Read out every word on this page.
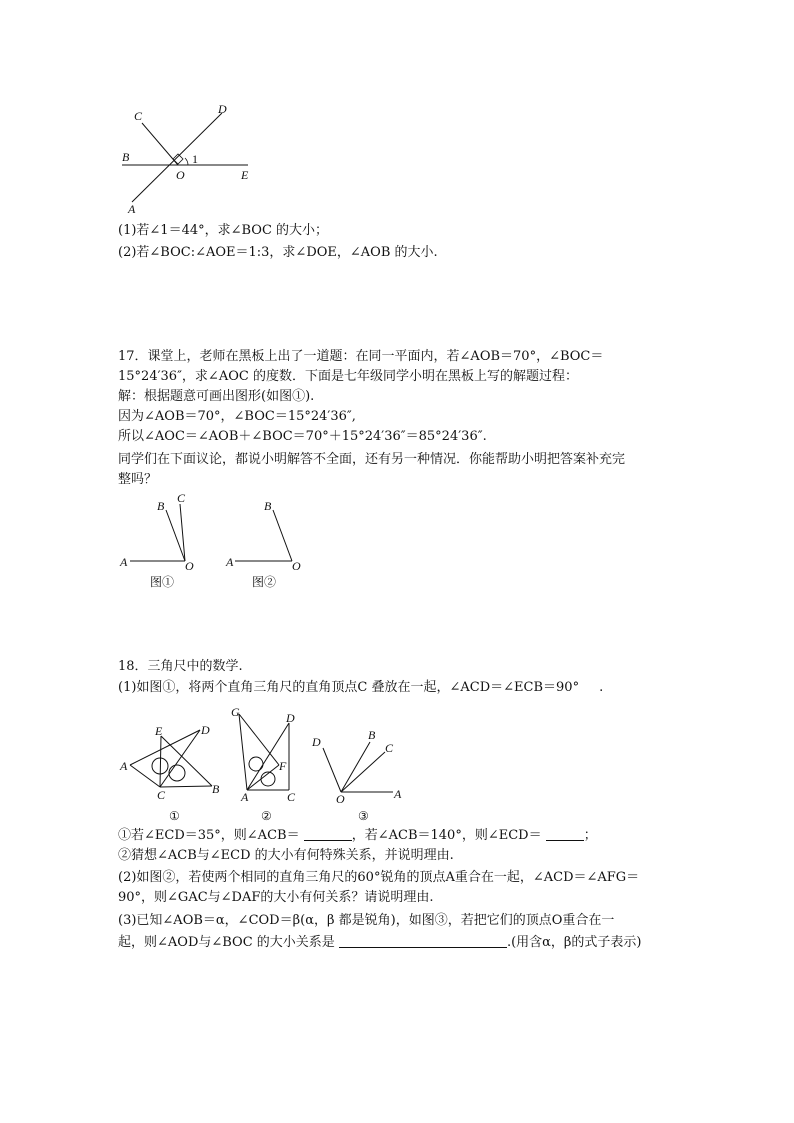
C	D
B	1
O	E
A
(1)若∠1＝44°，求∠BOC 的大小；
(2)若∠BOC:∠AOE＝1:3，求∠DOE，∠AOB 的大小.
17．课堂上，老师在黑板上出了一道题：在同一平面内，若∠AOB＝70°，∠BOC＝
15°24′36″，求∠AOC 的度数．下面是七年级同学小明在黑板上写的解题过程：
解：根据题意可画出图形(如图①).
因为∠AOB＝70°，∠BOC＝15°24′36″,
所以∠AOC＝∠AOB＋∠BOC＝70°＋15°24′36″＝85°24′36″.
同学们在下面议论，都说小明解答不全面，还有另一种情况．你能帮助小明把答案补充完
整吗？
B
C
A	O
图①
B
A	O
图②
18．三角尺中的数学.
(1)如图①，将两个直角三角尺的直角顶点C 叠放在一起，∠ACD＝∠ECB＝90° .
E	D
A
C	B
①
G	D
F
A	C
②
D	B
C
O	A
③
①若∠ECD＝35°，则∠ACB＝	，若∠ACB＝140°，则∠ECD＝	；
②猜想∠ACB与∠ECD 的大小有何特殊关系，并说明理由.
(2)如图②，若使两个相同的直角三角尺的60°锐角的顶点A重合在一起，∠ACD＝∠AFG＝
90°，则∠GAC与∠DAF的大小有何关系？请说明理由.
(3)已知∠AOB＝α，∠COD＝β(α，β 都是锐角)，如图③，若把它们的顶点O重合在一
起，则∠AOD与∠BOC 的大小关系是	.(用含α，β的式子表示)
